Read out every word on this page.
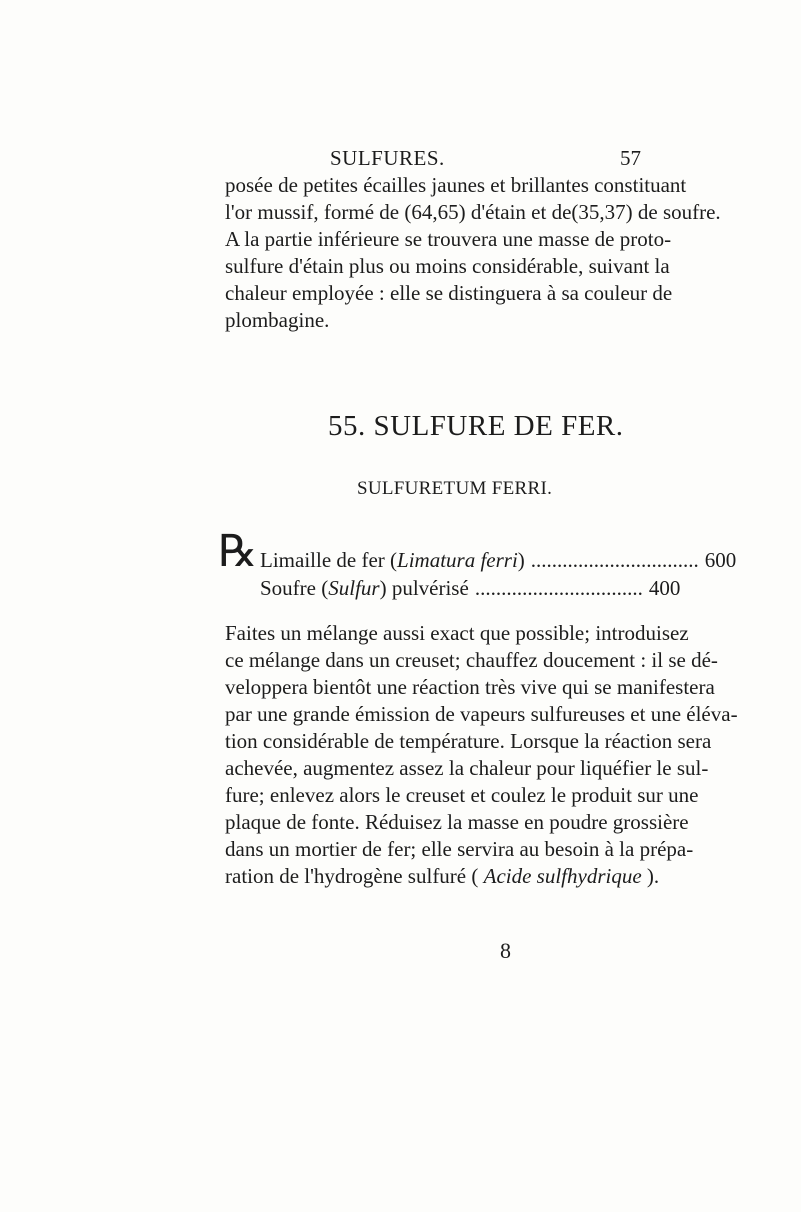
SULFURES.	57
posée de petites écailles jaunes et brillantes constituant
l'or mussif, formé de (64,65) d'étain et de(35,37) de soufre.
A la partie inférieure se trouvera une masse de proto-
sulfure d'étain plus ou moins considérable, suivant la
chaleur employée : elle se distinguera à sa couleur de
plombagine.
55. SULFURE DE FER.
SULFURETUM FERRI.
℞ Limaille de fer (Limatura ferri) ................................ 600
Soufre (Sulfur) pulvérisé ................................ 400
Faites un mélange aussi exact que possible; introduisez
ce mélange dans un creuset; chauffez doucement : il se dé-
veloppera bientôt une réaction très vive qui se manifestera
par une grande émission de vapeurs sulfureuses et une éléva-
tion considérable de température. Lorsque la réaction sera
achevée, augmentez assez la chaleur pour liquéfier le sul-
fure; enlevez alors le creuset et coulez le produit sur une
plaque de fonte. Réduisez la masse en poudre grossière
dans un mortier de fer; elle servira au besoin à la prépa-
ration de l'hydrogène sulfuré ( Acide sulfhydrique ).
8
